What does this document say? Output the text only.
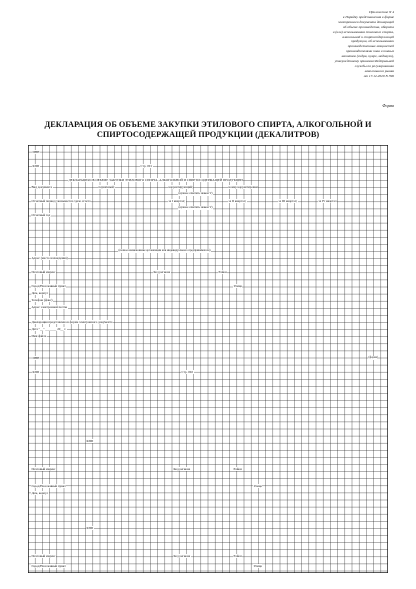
Приложение N 4
к Порядку представления в форме
электронного документа деклараций
об объеме производства, оборота
и (или) использования этилового спирта,
алкогольной и спиртосодержащей
продукции, об использовании
производственных мощностей
производителями пива и пивных
напитков (сидра, пуаре, медовухи),
утвержденному приказом Федеральной
службы по регулированию
алкогольного рынка
от 17.12.2020 N 396
Форма
ДЕКЛАРАЦИЯ ОБ ОБЪЕМЕ ЗАКУПКИ ЭТИЛОВОГО СПИРТА, АЛКОГОЛЬНОЙ И
СПИРТОСОДЕРЖАЩЕЙ ПРОДУКЦИИ (ДЕКАЛИТРОВ)
ИНН
КПП	Стр. 001
ДЕКЛАРАЦИЯ ОБ ОБЪЕМЕ ЗАКУПКИ ЭТИЛОВОГО СПИРТА, АЛКОГОЛЬНОЙ И СПИРТОСОДЕРЖАЩЕЙ ПРОДУКЦИИ
Вид документа	первичный;	корректирующий;	номер корректировки
(нужное отметить знаком V)
Отчетный период указывается сдаче отчета	за I квартал;	за II квартал;	за III квартал;	за IV квартал
(нужное отметить знаком V)
Отчетный год
(полное наименование организации или индивидуального предпринимателя)
Адрес (место нахождения)
Почтовый индекс	Код региона	Район
Город/Населенный пункт	Улица
Дом, корпус
Телефон (факс)
Адрес электронной почты
Декларация представлена в форме электронного документа
Дата "__" _______ 20__ г.
Имя файла
ИНН	(форма)
КПП	Стр. 002
КПП
Почтовый индекс	Код региона	Район
Город/Населенный пункт	Улица
Дом, корпус
КПП
Почтовый индекс	Код региона	Район
Город/Населенный пункт	Улица
